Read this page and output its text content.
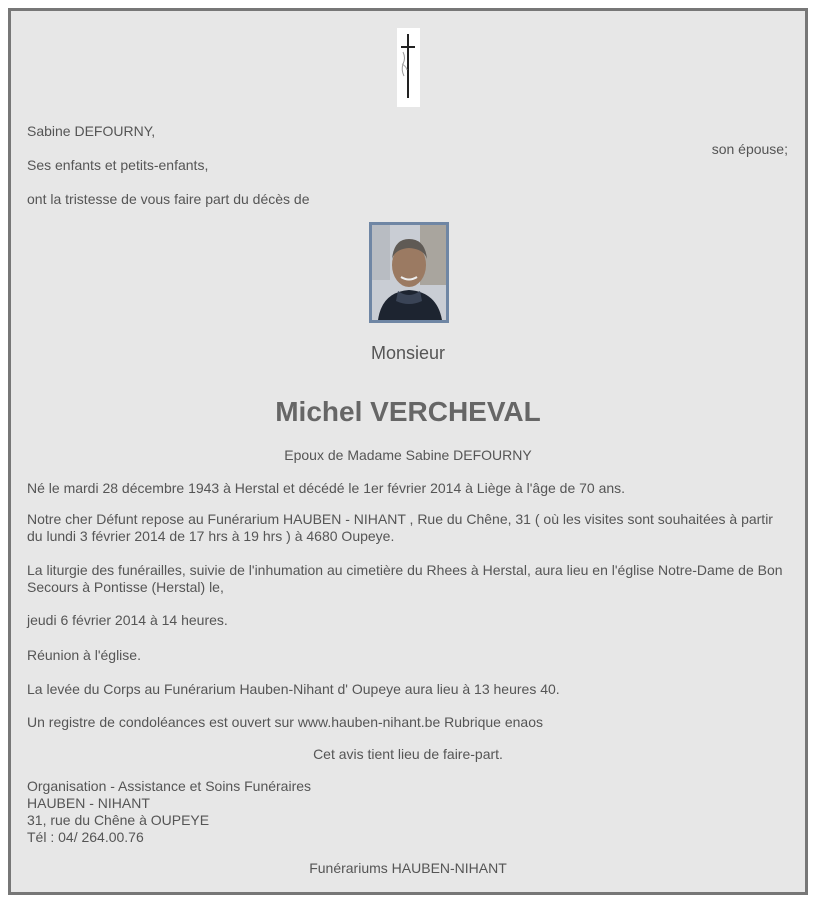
Sabine DEFOURNY,
son épouse;
Ses enfants et petits-enfants,
ont la tristesse de vous faire part du décès de
Monsieur
Michel VERCHEVAL
Epoux de Madame Sabine DEFOURNY
Né le mardi 28 décembre 1943 à Herstal et décédé le 1er février 2014 à Liège à l'âge de 70 ans.
Notre cher Défunt repose au Funérarium HAUBEN - NIHANT , Rue du Chêne, 31 ( où les visites sont souhaitées à partir du lundi 3 février 2014 de 17 hrs à 19 hrs ) à 4680 Oupeye.
La liturgie des funérailles, suivie de l'inhumation au cimetière du Rhees à Herstal, aura lieu en l'église Notre-Dame de Bon Secours à Pontisse (Herstal) le,
jeudi 6 février 2014 à 14 heures.
Réunion à l'église.
La levée du Corps au Funérarium Hauben-Nihant d' Oupeye aura lieu à 13 heures 40.
Un registre de condoléances est ouvert sur www.hauben-nihant.be Rubrique enaos
Cet avis tient lieu de faire-part.
Organisation - Assistance et Soins Funéraires
HAUBEN - NIHANT
31, rue du Chêne à OUPEYE
Tél : 04/ 264.00.76
Funérariums HAUBEN-NIHANT
